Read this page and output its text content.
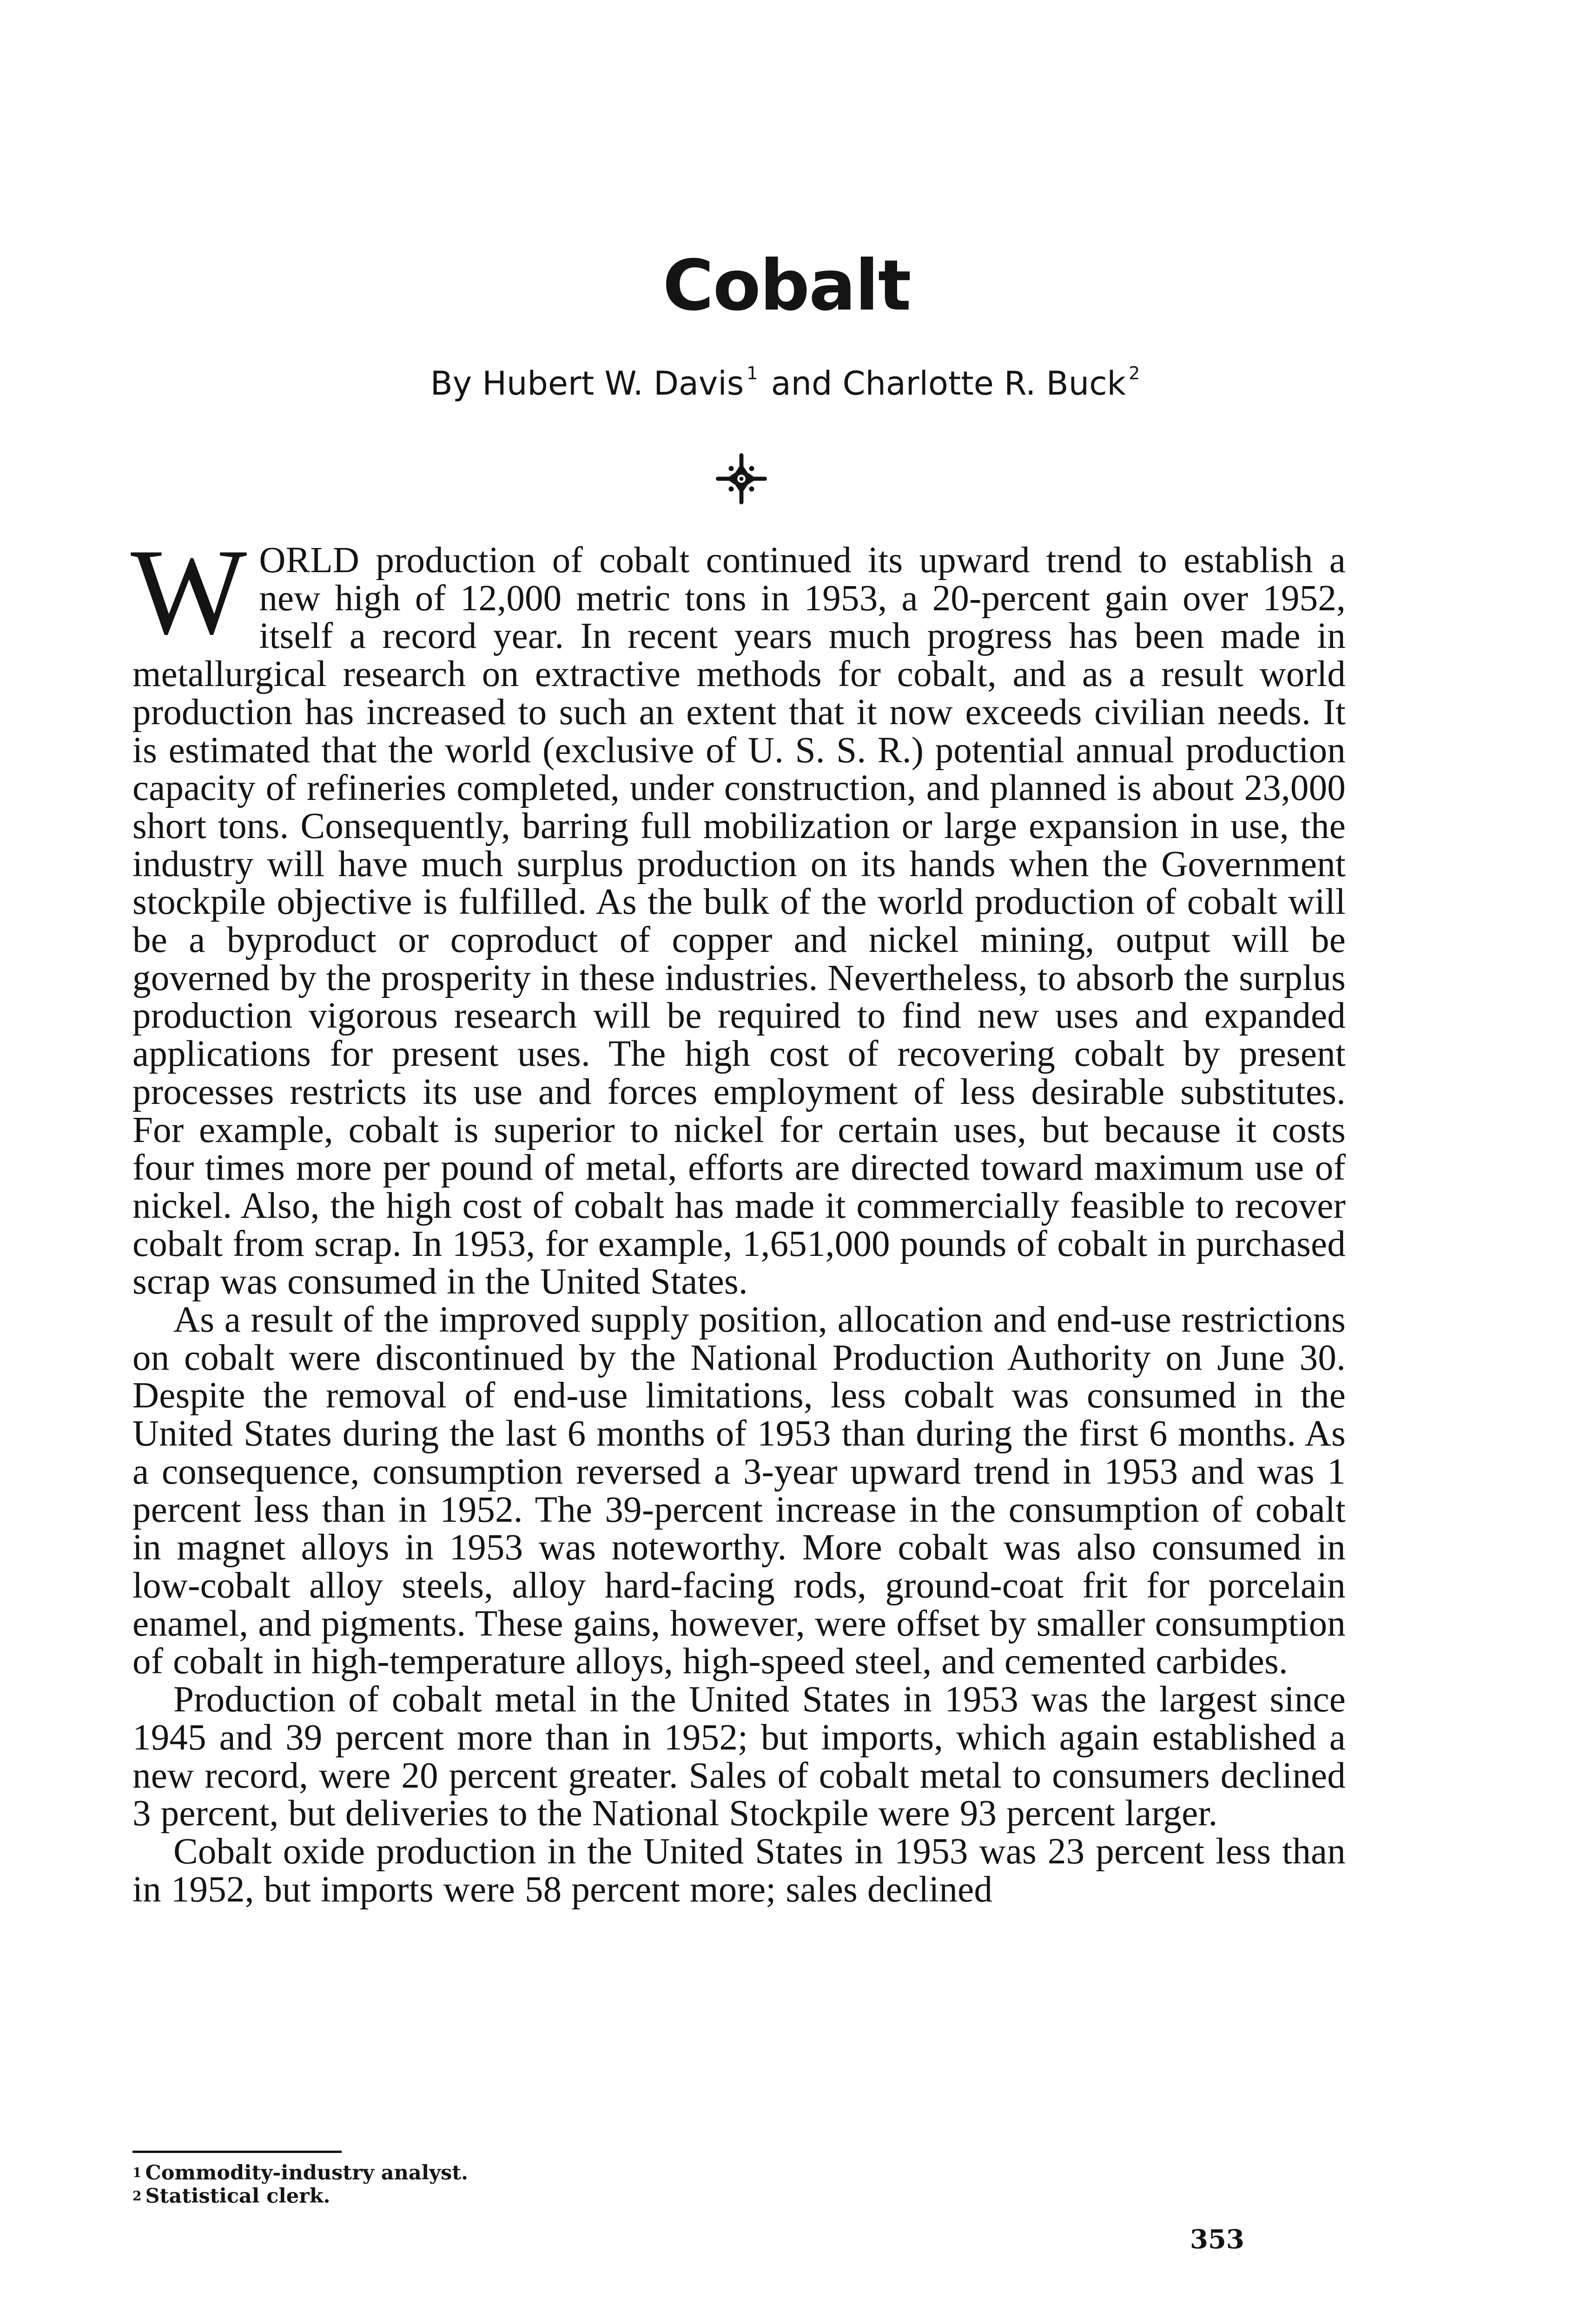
Cobalt
By Hubert W. Davis $^1$ and Charlotte R. Buck $^2$

WORLD production of cobalt continued its upward trend to establish a new high of 12,000 metric tons in 1953, a 20-percent gain over 1952, itself a record year. In recent years much progress has been made in metallurgical research on extractive methods for cobalt, and as a result world production has increased to such an extent that it now exceeds civilian needs. It is estimated that the world (exclusive of U. S. S. R.) potential annual production capacity of refineries completed, under construction, and planned is about 23,000 short tons. Consequently, barring full mobilization or large expansion in use, the industry will have much surplus production on its hands when the Government stockpile objective is fulfilled. As the bulk of the world production of cobalt will be a byproduct or coproduct of copper and nickel mining, output will be governed by the prosperity in these industries. Nevertheless, to absorb the surplus production vigorous research will be required to find new uses and expanded applications for present uses. The high cost of recovering cobalt by present processes restricts its use and forces employment of less desirable substitutes. For example, cobalt is superior to nickel for certain uses, but because it costs four times more per pound of metal, efforts are directed toward maximum use of nickel. Also, the high cost of cobalt has made it commercially feasible to recover cobalt from scrap. In 1953, for example, 1,651,000 pounds of cobalt in purchased scrap was consumed in the United States.

As a result of the improved supply position, allocation and end-use restrictions on cobalt were discontinued by the National Production Authority on June 30. Despite the removal of end-use limitations, less cobalt was consumed in the United States during the last 6 months of 1953 than during the first 6 months. As a consequence, consumption reversed a 3-year upward trend in 1953 and was 1 percent less than in 1952. The 39-percent increase in the consumption of cobalt in magnet alloys in 1953 was noteworthy. More cobalt was also consumed in low-cobalt alloy steels, alloy hard-facing rods, ground-coat frit for porcelain enamel, and pigments. These gains, however, were offset by smaller consumption of cobalt in high-temperature alloys, high-speed steel, and cemented carbides.

Production of cobalt metal in the United States in 1953 was the largest since 1945 and 39 percent more than in 1952; but imports, which again established a new record, were 20 percent greater. Sales of cobalt metal to consumers declined 3 percent, but deliveries to the National Stockpile were 93 percent larger.

Cobalt oxide production in the United States in 1953 was 23 percent less than in 1952, but imports were 58 percent more; sales declined

$^1$ Commodity-industry analyst.
$^2$ Statistical clerk.
353
